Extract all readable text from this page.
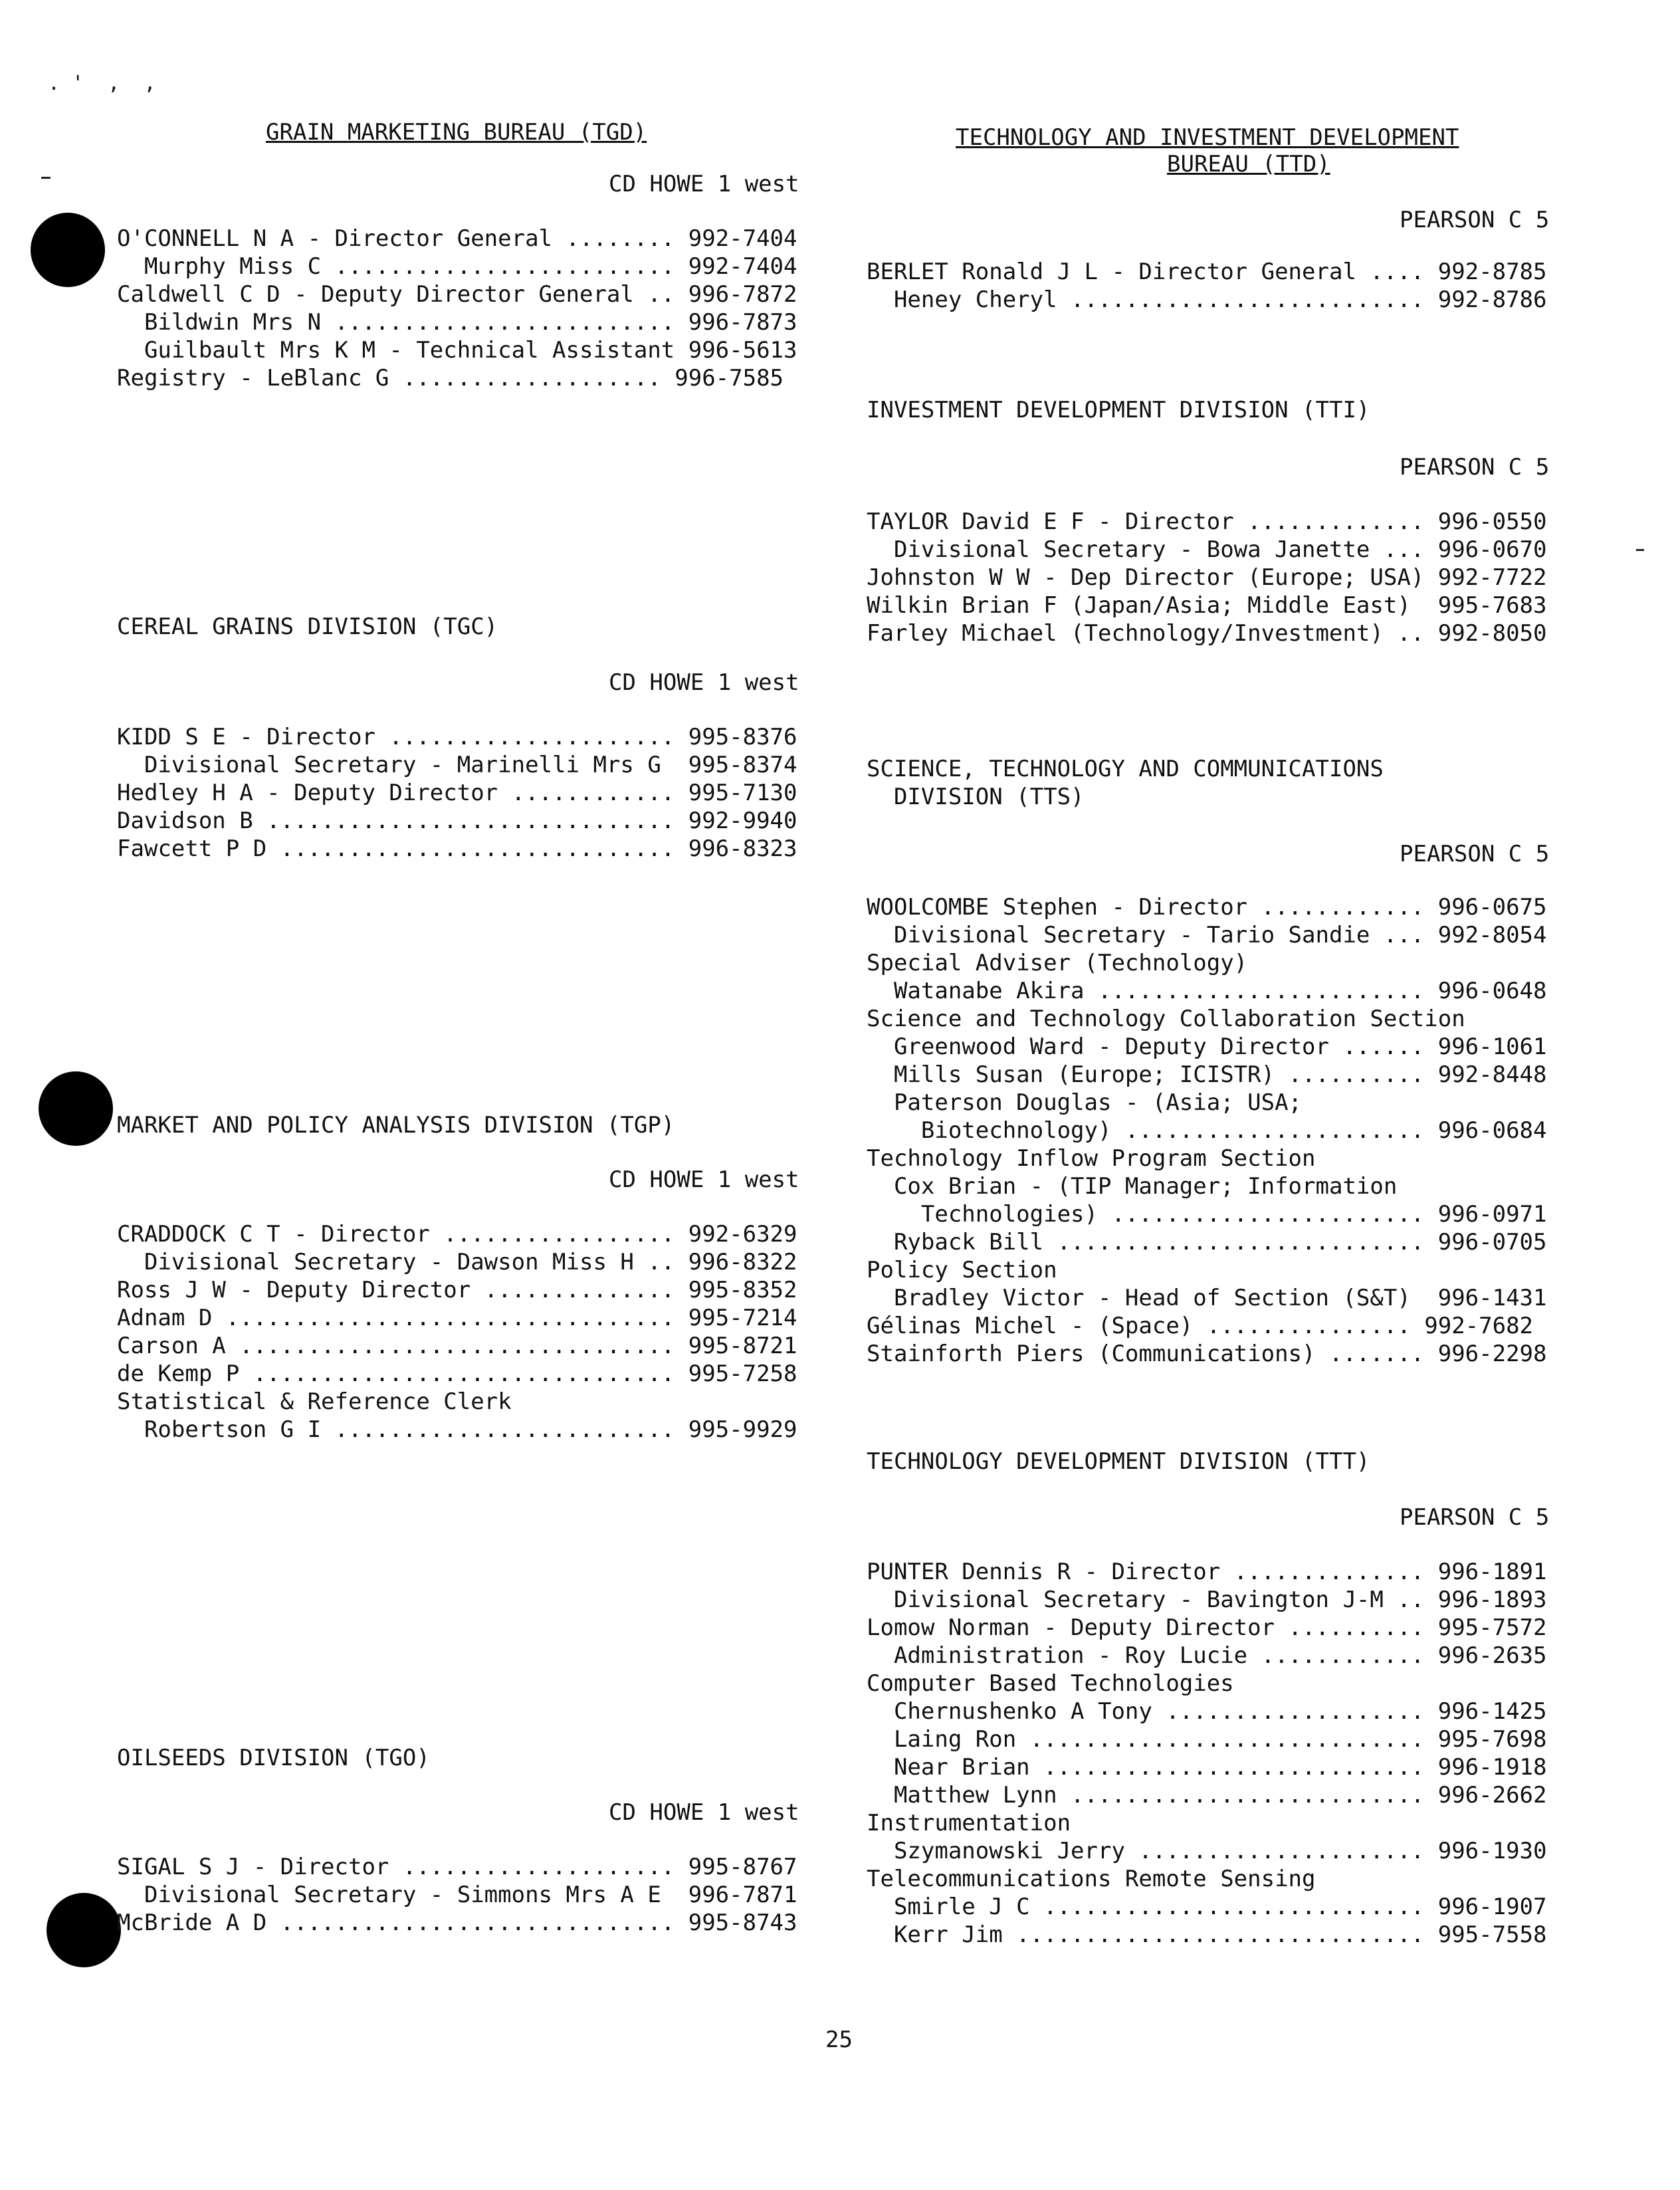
. '  ,  ,
GRAIN MARKETING BUREAU (TGD)
CD HOWE 1 west
O'CONNELL N A - Director General ........ 992-7404
Murphy Miss C ......................... 992-7404
Caldwell C D - Deputy Director General .. 996-7872
Bildwin Mrs N ......................... 996-7873
Guilbault Mrs K M - Technical Assistant 996-5613
Registry - LeBlanc G ................... 996-7585
CEREAL GRAINS DIVISION (TGC)
CD HOWE 1 west
KIDD S E - Director ..................... 995-8376
Divisional Secretary - Marinelli Mrs G  995-8374
Hedley H A - Deputy Director ............ 995-7130
Davidson B .............................. 992-9940
Fawcett P D ............................. 996-8323
MARKET AND POLICY ANALYSIS DIVISION (TGP)
CD HOWE 1 west
CRADDOCK C T - Director ................. 992-6329
Divisional Secretary - Dawson Miss H .. 996-8322
Ross J W - Deputy Director .............. 995-8352
Adnam D ................................. 995-7214
Carson A ................................ 995-8721
de Kemp P ............................... 995-7258
Statistical & Reference Clerk
Robertson G I ......................... 995-9929
OILSEEDS DIVISION (TGO)
CD HOWE 1 west
SIGAL S J - Director .................... 995-8767
Divisional Secretary - Simmons Mrs A E  996-7871
McBride A D ............................. 995-8743
TECHNOLOGY AND INVESTMENT DEVELOPMENT
BUREAU (TTD)
PEARSON C 5
BERLET Ronald J L - Director General .... 992-8785
Heney Cheryl .......................... 992-8786
INVESTMENT DEVELOPMENT DIVISION (TTI)
PEARSON C 5
TAYLOR David E F - Director ............. 996-0550
Divisional Secretary - Bowa Janette ... 996-0670
Johnston W W - Dep Director (Europe; USA) 992-7722
Wilkin Brian F (Japan/Asia; Middle East)  995-7683
Farley Michael (Technology/Investment) .. 992-8050
SCIENCE, TECHNOLOGY AND COMMUNICATIONS
DIVISION (TTS)
PEARSON C 5
WOOLCOMBE Stephen - Director ............ 996-0675
Divisional Secretary - Tario Sandie ... 992-8054
Special Adviser (Technology)
Watanabe Akira ........................ 996-0648
Science and Technology Collaboration Section
Greenwood Ward - Deputy Director ...... 996-1061
Mills Susan (Europe; ICISTR) .......... 992-8448
Paterson Douglas - (Asia; USA;
Biotechnology) ...................... 996-0684
Technology Inflow Program Section
Cox Brian - (TIP Manager; Information
Technologies) ....................... 996-0971
Ryback Bill ........................... 996-0705
Policy Section
Bradley Victor - Head of Section (S&T)  996-1431
Gélinas Michel - (Space) ............... 992-7682
Stainforth Piers (Communications) ....... 996-2298
TECHNOLOGY DEVELOPMENT DIVISION (TTT)
PEARSON C 5
PUNTER Dennis R - Director .............. 996-1891
Divisional Secretary - Bavington J-M .. 996-1893
Lomow Norman - Deputy Director .......... 995-7572
Administration - Roy Lucie ............ 996-2635
Computer Based Technologies
Chernushenko A Tony ................... 996-1425
Laing Ron ............................. 995-7698
Near Brian ............................ 996-1918
Matthew Lynn .......................... 996-2662
Instrumentation
Szymanowski Jerry ..................... 996-1930
Telecommunications Remote Sensing
Smirle J C ............................ 996-1907
Kerr Jim .............................. 995-7558
25
